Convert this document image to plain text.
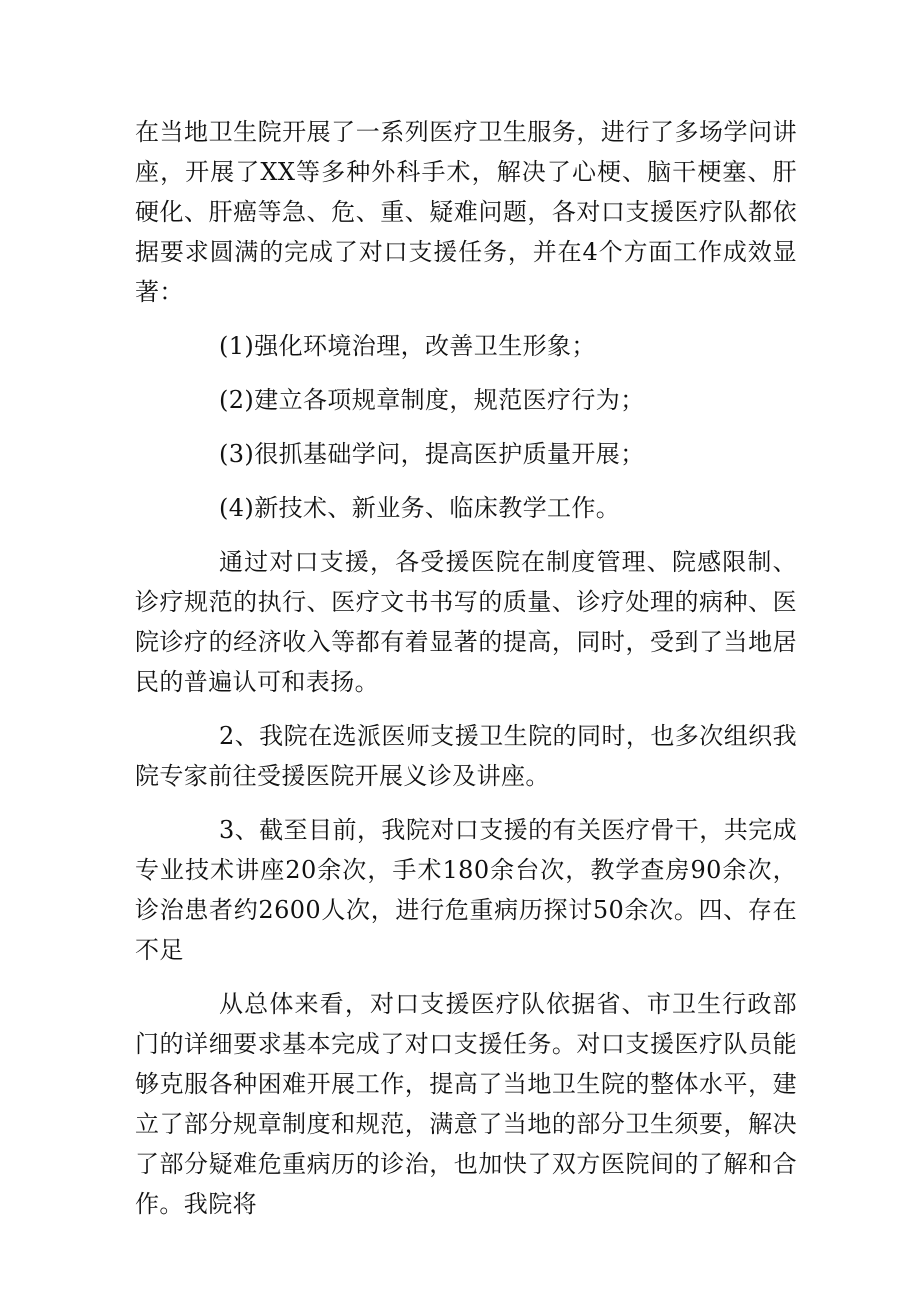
在当地卫生院开展了一系列医疗卫生服务，进行了多场学问讲座，开展了XX等多种外科手术，解决了心梗、脑干梗塞、肝硬化、肝癌等急、危、重、疑难问题，各对口支援医疗队都依据要求圆满的完成了对口支援任务，并在4个方面工作成效显著：

(1)强化环境治理，改善卫生形象；

(2)建立各项规章制度，规范医疗行为；

(3)很抓基础学问，提高医护质量开展；

(4)新技术、新业务、临床教学工作。

通过对口支援，各受援医院在制度管理、院感限制、诊疗规范的执行、医疗文书书写的质量、诊疗处理的病种、医院诊疗的经济收入等都有着显著的提高，同时，受到了当地居民的普遍认可和表扬。

2、我院在选派医师支援卫生院的同时，也多次组织我院专家前往受援医院开展义诊及讲座。

3、截至目前，我院对口支援的有关医疗骨干，共完成专业技术讲座20余次，手术180余台次，教学查房90余次，诊治患者约2600人次，进行危重病历探讨50余次。四、存在不足

从总体来看，对口支援医疗队依据省、市卫生行政部门的详细要求基本完成了对口支援任务。对口支援医疗队员能够克服各种困难开展工作，提高了当地卫生院的整体水平，建立了部分规章制度和规范，满意了当地的部分卫生须要，解决了部分疑难危重病历的诊治，也加快了双方医院间的了解和合作。我院将
